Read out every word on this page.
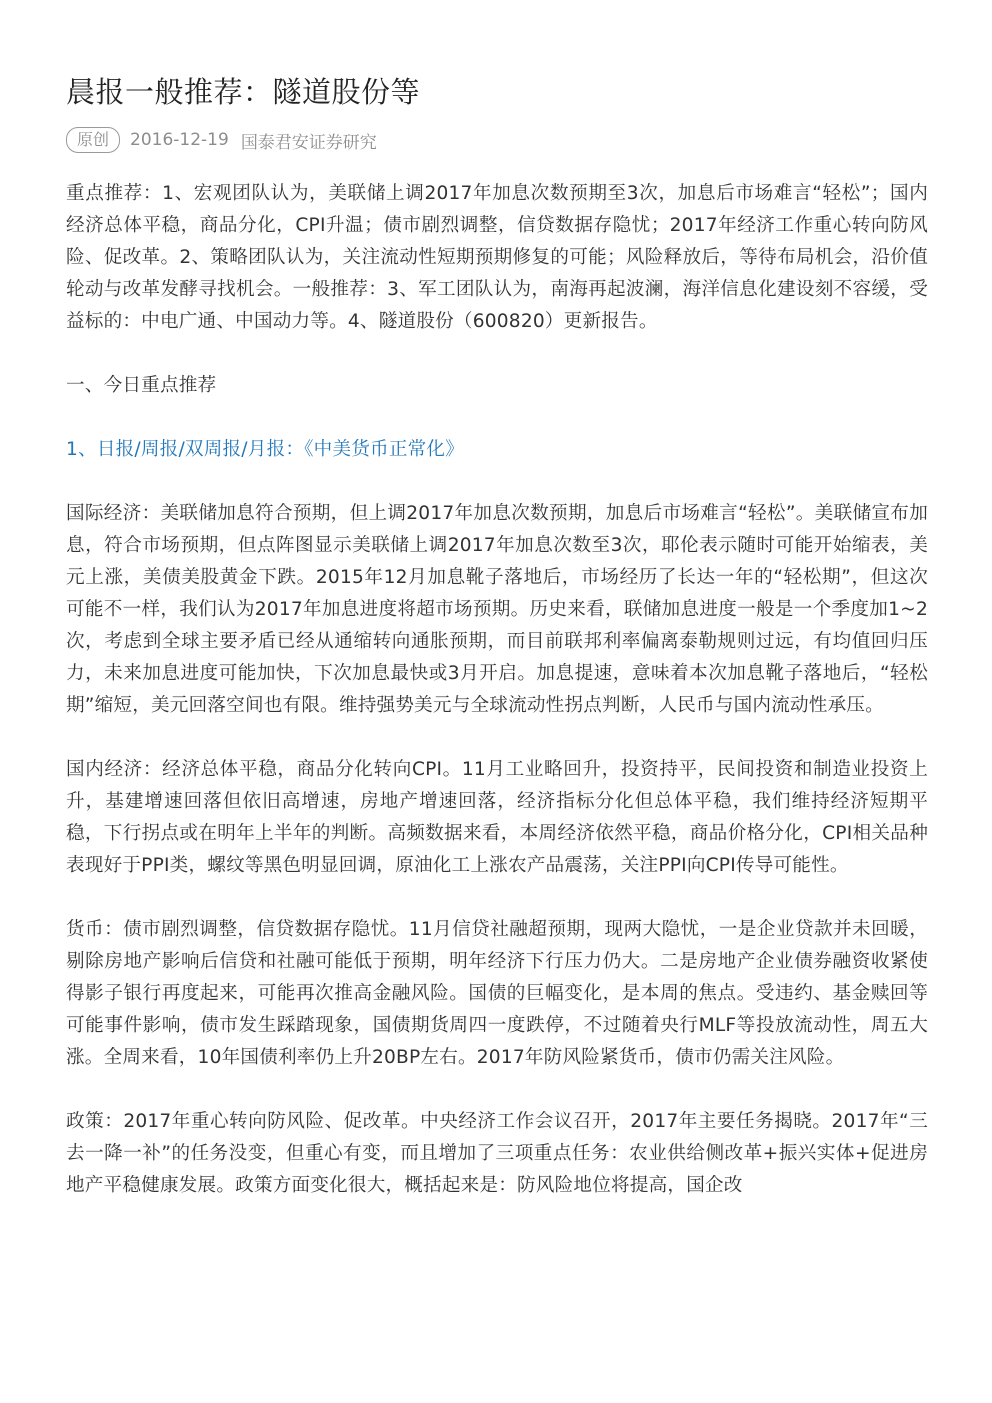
晨报一般推荐：隧道股份等
原创	2016-12-19 国泰君安证券研究

重点推荐：1、宏观团队认为，美联储上调2017年加息次数预期至3次，加息后市场难言“轻松”；国内经济总体平稳，商品分化，CPI升温；债市剧烈调整，信贷数据存隐忧；2017年经济工作重心转向防风险、促改革。2、策略团队认为，关注流动性短期预期修复的可能；风险释放后，等待布局机会，沿价值轮动与改革发酵寻找机会。一般推荐：3、军工团队认为，南海再起波澜，海洋信息化建设刻不容缓，受益标的：中电广通、中国动力等。4、隧道股份（600820）更新报告。

一、今日重点推荐

1、日报/周报/双周报/月报：《中美货币正常化》

国际经济：美联储加息符合预期，但上调2017年加息次数预期，加息后市场难言“轻松”。美联储宣布加息，符合市场预期，但点阵图显示美联储上调2017年加息次数至3次，耶伦表示随时可能开始缩表，美元上涨，美债美股黄金下跌。2015年12月加息靴子落地后，市场经历了长达一年的“轻松期”，但这次可能不一样，我们认为2017年加息进度将超市场预期。历史来看，联储加息进度一般是一个季度加1~2次，考虑到全球主要矛盾已经从通缩转向通胀预期，而目前联邦利率偏离泰勒规则过远，有均值回归压力，未来加息进度可能加快，下次加息最快或3月开启。加息提速，意味着本次加息靴子落地后，“轻松期”缩短，美元回落空间也有限。维持强势美元与全球流动性拐点判断，人民币与国内流动性承压。

国内经济：经济总体平稳，商品分化转向CPI。11月工业略回升，投资持平，民间投资和制造业投资上升，基建增速回落但依旧高增速，房地产增速回落，经济指标分化但总体平稳，我们维持经济短期平稳，下行拐点或在明年上半年的判断。高频数据来看，本周经济依然平稳，商品价格分化，CPI相关品种表现好于PPI类，螺纹等黑色明显回调，原油化工上涨农产品震荡，关注PPI向CPI传导可能性。

货币：债市剧烈调整，信贷数据存隐忧。11月信贷社融超预期，现两大隐忧，一是企业贷款并未回暖，剔除房地产影响后信贷和社融可能低于预期，明年经济下行压力仍大。二是房地产企业债券融资收紧使得影子银行再度起来，可能再次推高金融风险。国债的巨幅变化，是本周的焦点。受违约、基金赎回等可能事件影响，债市发生踩踏现象，国债期货周四一度跌停，不过随着央行MLF等投放流动性，周五大涨。全周来看，10年国债利率仍上升20BP左右。2017年防风险紧货币，债市仍需关注风险。

政策：2017年重心转向防风险、促改革。中央经济工作会议召开，2017年主要任务揭晓。2017年“三去一降一补”的任务没变，但重心有变，而且增加了三项重点任务：农业供给侧改革+振兴实体+促进房地产平稳健康发展。政策方面变化很大，概括起来是：防风险地位将提高，国企改
